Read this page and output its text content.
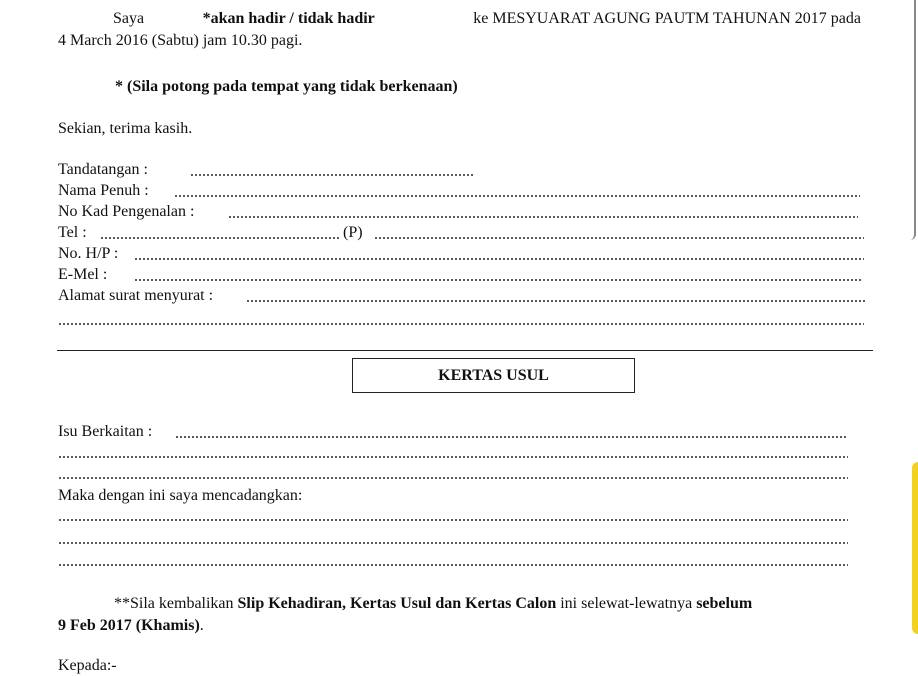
Saya	*akan hadir / tidak hadir	ke MESYUARAT AGUNG PAUTM TAHUNAN 2017 pada
4 March 2016 (Sabtu) jam 10.30 pagi.
* (Sila potong pada tempat yang tidak berkenaan)
Sekian, terima kasih.
Tandatangan :
Nama Penuh :
No Kad Pengenalan :
Tel :	(P)
No. H/P :
E-Mel :
Alamat surat menyurat :
KERTAS USUL
Isu Berkaitan :
Maka dengan ini saya mencadangkan:
**Sila kembalikan Slip Kehadiran, Kertas Usul dan Kertas Calon ini selewat-lewatnya sebelum
9 Feb 2017 (Khamis).
Kepada:-
